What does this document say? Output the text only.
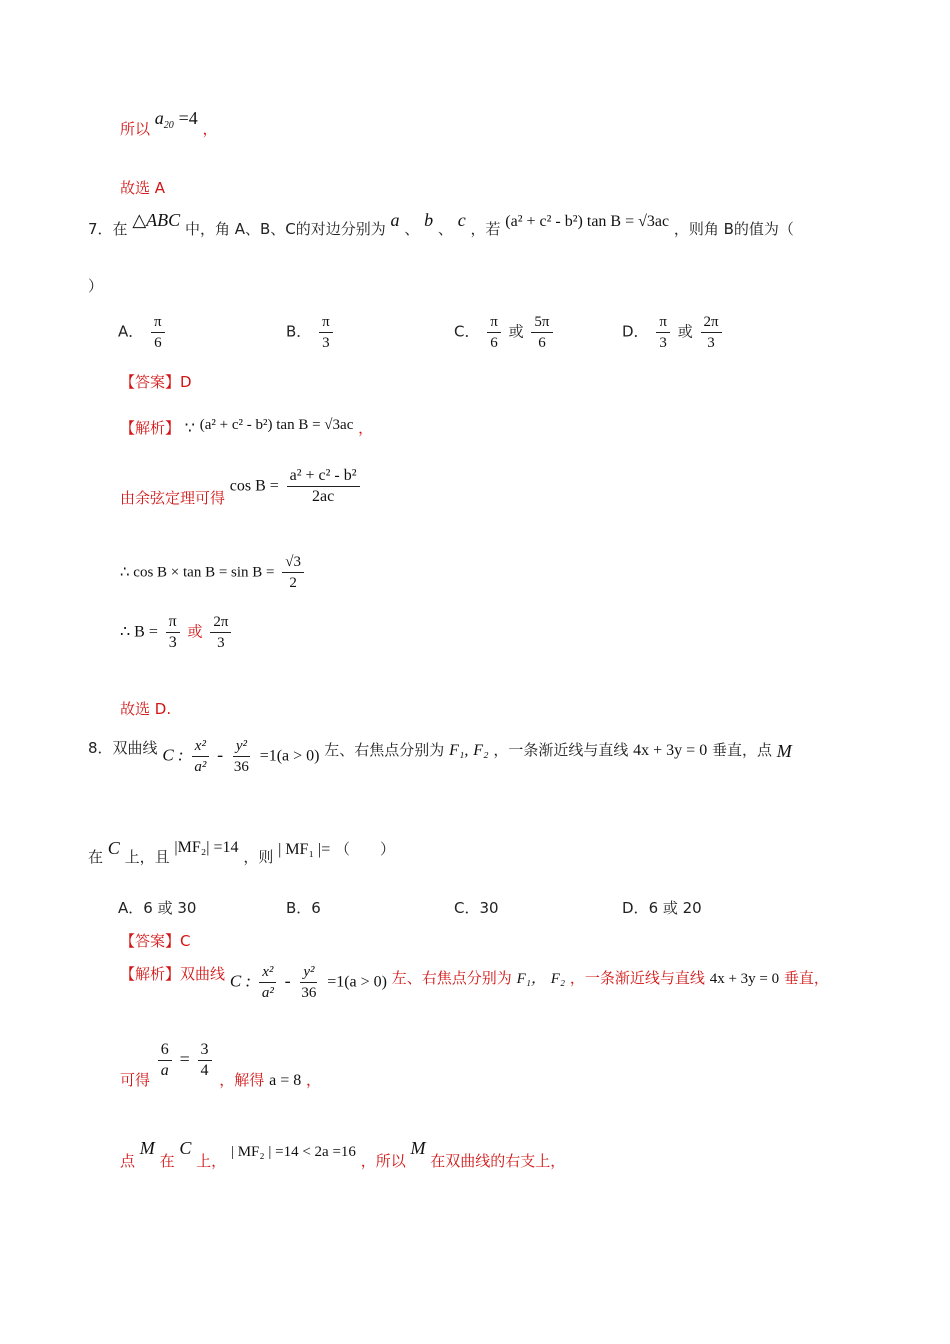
所以 $a_{20} =4$ ，
故选 A
7．在 △ABC 中，角 A、B、C的对边分别为 a 、 b 、 c ，若 (a² + c² - b²) tan B = √3ac ，则角 B的值为（
）
A． $\frac{\pi}{6}$	B． $\frac{\pi}{3}$	C． $\frac{\pi}{6}$ 或 $\frac{5\pi}{6}$	D． $\frac{\pi}{3}$ 或 $\frac{2\pi}{3}$
【答案】D
【解析】 ∵ (a² + c² - b²) tan B = √3ac ，
由余弦定理可得 $\cos B = \frac{\text{a² + c² - b²}}{2ac}$
∴ $\cos B \times \tan B = \sin B = \frac{√3}{2}$
∴ $B = \frac{\pi}{3}$ 或 $\frac{2\pi}{3}$
故选 D.
8．双曲线 C : $\frac{\text{x²}}{\text{a²}} - \frac{\text{y²}}{36} =1(a > 0)$ 左、右焦点分别为 F₁, F₂ ，一条渐近线与直线 4x + 3y = 0 垂直，点 M
在 C 上，且 |MF₂| =14 ，则 | MF₁ |= （　　）
A．6 或 30	B．6	C．30	D．6 或 20
【答案】C
【解析】双曲线 C : $\frac{\text{x²}}{\text{a²}} - \frac{\text{y²}}{36} =1(a > 0)$ 左、右焦点分别为 F₁， F₂ ，一条渐近线与直线 4x + 3y = 0 垂直，
可得 $\frac{6}{a} = \frac{3}{4}$ ，解得 a = 8 ，
点 M 在 C 上， | MF₂ | =14 < 2a =16 ，所以 M 在双曲线的右支上，
